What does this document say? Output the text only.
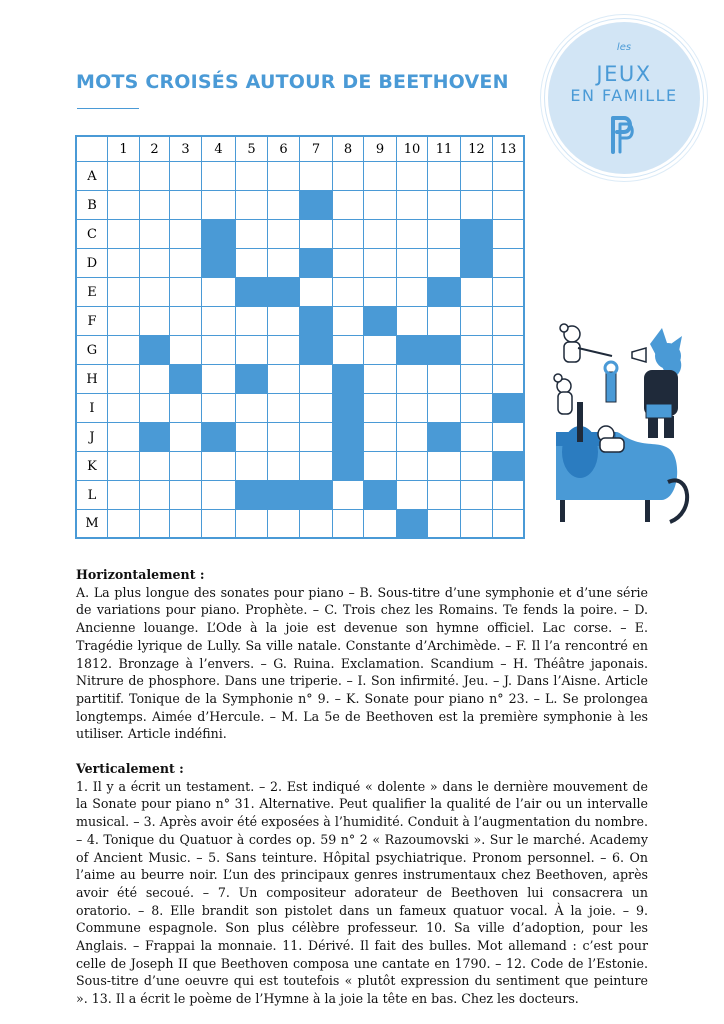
MOTS CROISÉS AUTOUR DE BEETHOVEN
les
JEUX
EN FAMILLE
	1	2	3	4	5	6	7	8	9	10	11	12	13
A													
B													
C													
D													
E													
F													
G													
H													
I													
J													
K													
L													
M													
Horizontalement :

A. La plus longue des sonates pour piano – B. Sous-titre d’une symphonie et d’une série de variations pour piano. Prophète. – C. Trois chez les Romains. Te fends la poire. – D. Ancienne louange. L’Ode à la joie est devenue son hymne officiel. Lac corse. – E. Tragédie lyrique de Lully. Sa ville natale. Constante d’Archimède. – F. Il l’a rencontré en 1812. Bronzage à l’envers. – G. Ruina. Exclamation. Scandium – H. Théâtre japonais. Nitrure de phosphore. Dans une triperie. – I. Son infirmité. Jeu. – J. Dans l’Aisne. Article partitif. Tonique de la Symphonie n° 9. – K. Sonate pour piano n° 23. – L. Se prolongea longtemps. Aimée d’Hercule. – M. La 5e de Beethoven est la première symphonie à les utiliser. Article indéfini.

Verticalement :

1. Il y a écrit un testament. – 2. Est indiqué « dolente » dans le dernière mouvement de la Sonate pour piano n° 31. Alternative. Peut qualifier la qualité de l’air ou un intervalle musical. – 3. Après avoir été exposées à l’humidité. Conduit à l’augmentation du nombre. – 4. Tonique du Quatuor à cordes op. 59 n° 2 « Razoumovski ». Sur le marché. Academy of Ancient Music. – 5. Sans teinture. Hôpital psychiatrique. Pronom personnel. – 6. On l’aime au beurre noir. L’un des principaux genres instrumentaux chez Beethoven, après avoir été secoué. – 7. Un compositeur adorateur de Beethoven lui consacrera un oratorio. – 8. Elle brandit son pistolet dans un fameux quatuor vocal. À la joie. – 9. Commune espagnole. Son plus célèbre professeur. 10. Sa ville d’adoption, pour les Anglais. – Frappai la monnaie. 11. Dérivé. Il fait des bulles. Mot allemand : c’est pour celle de Joseph II que Beethoven composa une cantate en 1790. – 12. Code de l’Estonie. Sous-titre d’une oeuvre qui est toutefois « plutôt expression du sentiment que peinture ». 13. Il a écrit le poème de l’Hymne à la joie la tête en bas. Chez les docteurs.
